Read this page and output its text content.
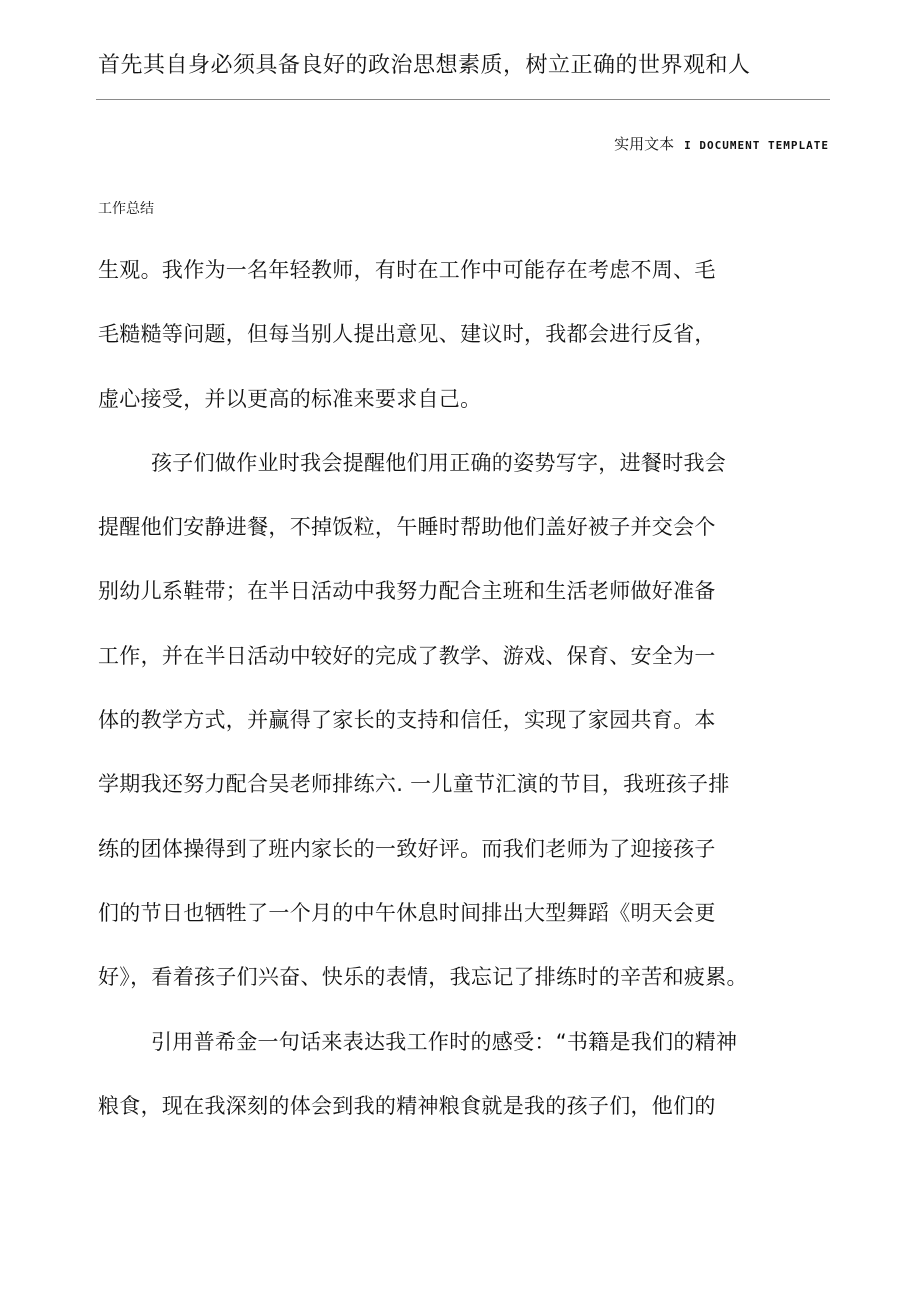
首先其自身必须具备良好的政治思想素质，树立正确的世界观和人
实用文本 I DOCUMENT TEMPLATE
工作总结
生观。我作为一名年轻教师，有时在工作中可能存在考虑不周、毛
毛糙糙等问题，但每当别人提出意见、建议时，我都会进行反省，
虚心接受，并以更高的标准来要求自己。
孩子们做作业时我会提醒他们用正确的姿势写字，进餐时我会
提醒他们安静进餐，不掉饭粒，午睡时帮助他们盖好被子并交会个
别幼儿系鞋带；在半日活动中我努力配合主班和生活老师做好准备
工作，并在半日活动中较好的完成了教学、游戏、保育、安全为一
体的教学方式，并赢得了家长的支持和信任，实现了家园共育。本
学期我还努力配合吴老师排练六. 一儿童节汇演的节目，我班孩子排
练的团体操得到了班内家长的一致好评。而我们老师为了迎接孩子
们的节日也牺牲了一个月的中午休息时间排出大型舞蹈《明天会更
好》，看着孩子们兴奋、快乐的表情，我忘记了排练时的辛苦和疲累。
引用普希金一句话来表达我工作时的感受：“书籍是我们的精神
粮食，现在我深刻的体会到我的精神粮食就是我的孩子们，他们的
